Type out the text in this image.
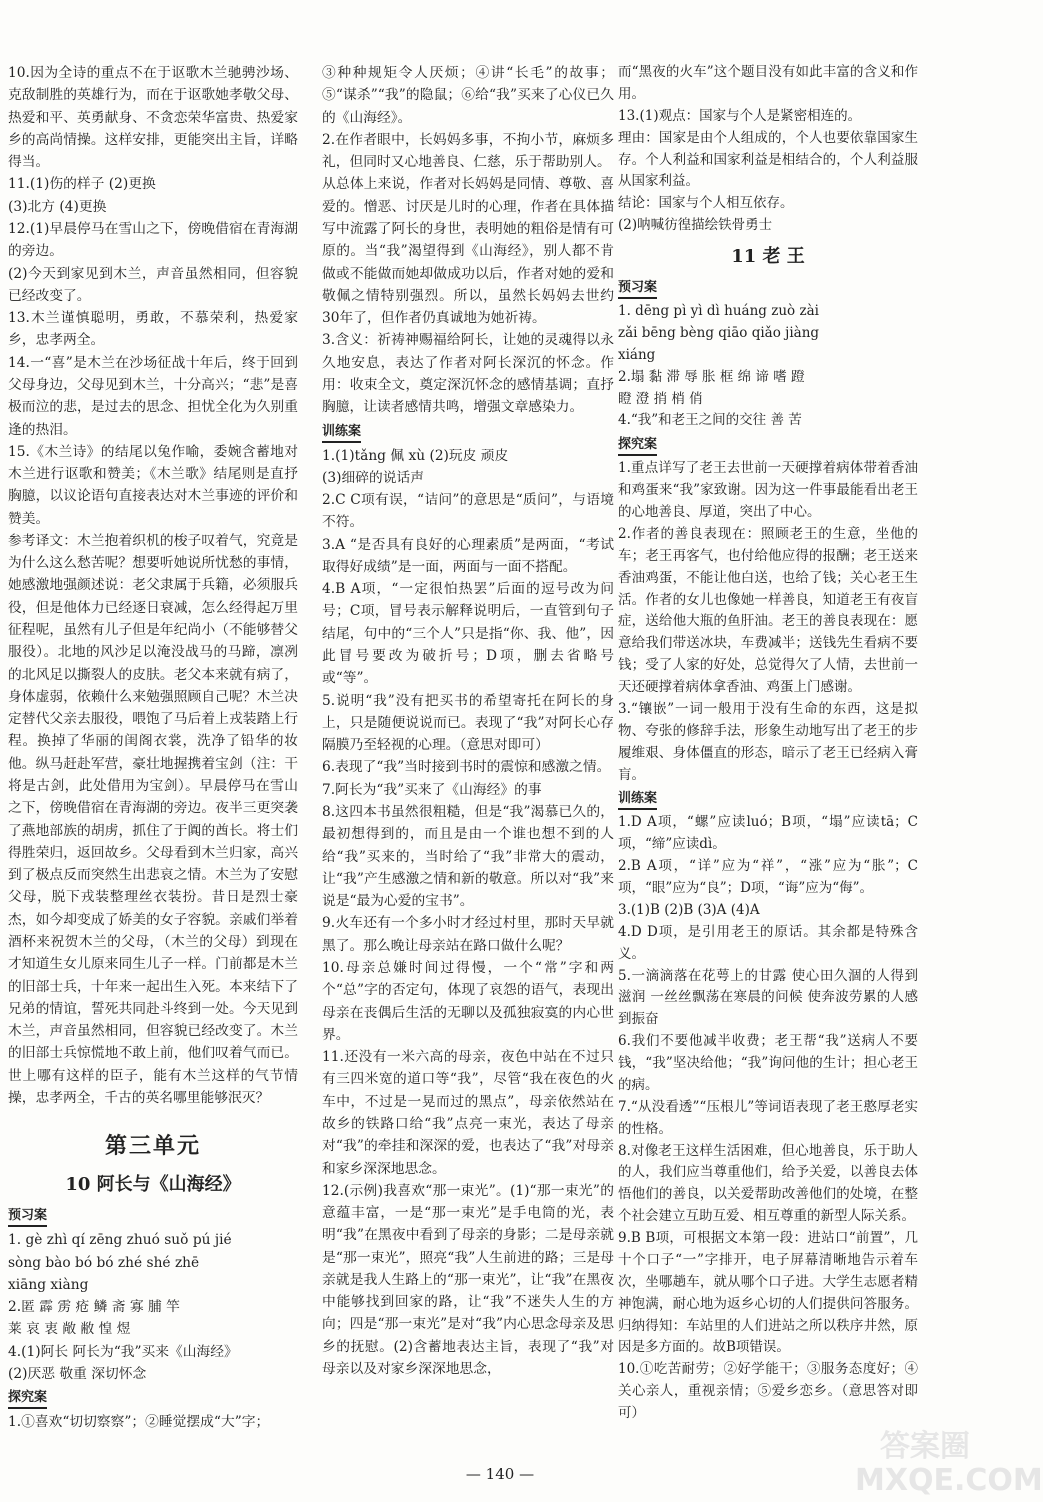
10.因为全诗的重点不在于讴歌木兰驰骋沙场、克敌制胜的英雄行为，而在于讴歌她孝敬父母、热爱和平、英勇献身、不贪恋荣华富贵、热爱家乡的高尚情操。这样安排，更能突出主旨，详略得当。

11.(1)伤的样子 (2)更换
(3)北方 (4)更换

12.(1)早晨停马在雪山之下，傍晚借宿在青海湖的旁边。
(2)今天到家见到木兰，声音虽然相同，但容貌已经改变了。

13.木兰谨慎聪明，勇敢，不慕荣利，热爱家乡，忠孝两全。

14.一“喜”是木兰在沙场征战十年后，终于回到父母身边，父母见到木兰，十分高兴；“悲”是喜极而泣的悲，是过去的思念、担忧全化为久别重逢的热泪。

15.《木兰诗》的结尾以兔作喻，委婉含蓄地对木兰进行讴歌和赞美；《木兰歌》结尾则是直抒胸臆，以议论语句直接表达对木兰事迹的评价和赞美。

参考译文：木兰抱着织机的梭子叹着气，究竟是为什么这么愁苦呢？想要听她说所忧愁的事情，她感激地强颜述说：老父隶属于兵籍，必须服兵役，但是他体力已经逐日衰减，怎么经得起万里征程呢，虽然有儿子但是年纪尚小（不能够替父服役）。北地的风沙足以淹没战马的马蹄，凛冽的北风足以撕裂人的皮肤。老父本来就有病了，身体虚弱，依赖什么来勉强照顾自己呢？木兰决定替代父亲去服役，喂饱了马后着上戎装踏上行程。换掉了华丽的闺阁衣裳，洗净了铅华的妆他。纵马赶赴军营，豪壮地握携着宝剑（注：干将是古剑，此处借用为宝剑）。早晨停马在雪山之下，傍晚借宿在青海湖的旁边。夜半三更突袭了燕地部族的胡虏，抓住了于阗的酋长。将士们得胜荣归，返回故乡。父母看到木兰归家，高兴到了极点反而突然生出悲哀之情。木兰为了安慰父母，脱下戎装整理丝衣装扮。昔日是烈士豪杰，如今却变成了娇美的女子容貌。亲戚们举着酒杯来祝贺木兰的父母，（木兰的父母）到现在才知道生女儿原来同生儿子一样。门前都是木兰的旧部士兵，十年来一起出生入死。本来结下了兄弟的情谊，誓死共同赴斗终到一处。今天见到木兰，声音虽然相同，但容貌已经改变了。木兰的旧部士兵惊慌地不敢上前，他们叹着气而已。世上哪有这样的臣子，能有木兰这样的气节情操，忠孝两全，千古的英名哪里能够泯灭？

第三单元
10 阿长与《山海经》
预习案

1. gè zhì qí zēng zhuó suǒ pú jié
sòng bào bó bó zhé shé zhē
xiāng xiàng

2.匿 霹 雳 疮 鳞 斋 寡 脯 竿
莱 哀 衷 敞 敝 惶 煜

4.(1)阿长 阿长为“我”买来《山海经》
(2)厌恶 敬重 深切怀念

探究案

1.①喜欢“切切察察”；②睡觉摆成“大”字；

③种种规矩令人厌烦；④讲“长毛”的故事；⑤“谋杀”“我”的隐鼠；⑥给“我”买来了心仪已久的《山海经》。

2.在作者眼中，长妈妈多事，不拘小节，麻烦多礼，但同时又心地善良、仁慈，乐于帮助别人。

从总体上来说，作者对长妈妈是同情、尊敬、喜爱的。憎恶、讨厌是儿时的心理，作者在具体描写中流露了阿长的身世，表明她的粗俗是情有可原的。当“我”渴望得到《山海经》，别人都不肯做或不能做而她却做成功以后，作者对她的爱和敬佩之情特别强烈。所以，虽然长妈妈去世约30年了，但作者仍真诚地为她祈祷。

3.含义：祈祷神赐福给阿长，让她的灵魂得以永久地安息，表达了作者对阿长深沉的怀念。作用：收束全文，奠定深沉怀念的感情基调；直抒胸臆，让读者感情共鸣，增强文章感染力。

训练案

1.(1)tǎng 佩 xù (2)玩皮 顽皮
(3)细碎的说话声

2.C C项有误，“诘问”的意思是“质问”，与语境不符。

3.A “是否具有良好的心理素质”是两面，“考试取得好成绩”是一面，两面与一面不搭配。

4.B A项，“一定很怕热罢”后面的逗号改为问号；C项，冒号表示解释说明后，一直管到句子结尾，句中的“三个人”只是指“你、我、他”，因此冒号要改为破折号；D项，删去省略号或“等”。

5.说明“我”没有把买书的希望寄托在阿长的身上，只是随便说说而已。表现了“我”对阿长心存隔膜乃至轻视的心理。（意思对即可）

6.表现了“我”当时接到书时的震惊和感激之情。

7.阿长为“我”买来了《山海经》的事

8.这四本书虽然很粗糙，但是“我”渴慕已久的，最初想得到的，而且是由一个谁也想不到的人给“我”买来的，当时给了“我”非常大的震动，让“我”产生感激之情和新的敬意。所以对“我”来说是“最为心爱的宝书”。

9.火车还有一个多小时才经过村里，那时天早就黑了。那么晚让母亲站在路口做什么呢？

10.母亲总嫌时间过得慢，一个“常”字和两个“总”字的否定句，体现了哀怨的语气，表现出母亲在丧偶后生活的无聊以及孤独寂寞的内心世界。

11.还没有一米六高的母亲，夜色中站在不过只有三四米宽的道口等“我”，尽管“我在夜色的火车中，不过是一晃而过的黑点”，母亲依然站在故乡的铁路口给“我”点亮一束光，表达了母亲对“我”的牵挂和深深的爱，也表达了“我”对母亲和家乡深深地思念。

12.(示例)我喜欢“那一束光”。(1)“那一束光”的意蕴丰富，一是“那一束光”是手电筒的光，表明“我”在黑夜中看到了母亲的身影；二是母亲就是“那一束光”，照亮“我”人生前进的路；三是母亲就是我人生路上的“那一束光”，让“我”在黑夜中能够找到回家的路，让“我”不迷失人生的方向；四是“那一束光”是对“我”内心思念母亲及思乡的抚慰。(2)含蓄地表达主旨，表现了“我”对母亲以及对家乡深深地思念，

而“黑夜的火车”这个题目没有如此丰富的含义和作用。

13.(1)观点：国家与个人是紧密相连的。
理由：国家是由个人组成的，个人也要依靠国家生存。个人利益和国家利益是相结合的，个人利益服从国家利益。
结论：国家与个人相互依存。
(2)呐喊彷徨描绘铁骨勇士

11 老 王
预习案

1. dēng pì yì dì huáng zuò zài
zǎi bēng bèng qiāo qiǎo jiàng
xiáng

2.塌 黏 滞 辱 胀 框 绵 谛 嗜 蹬
瞪 澄 捎 梢 俏

4.“我”和老王之间的交往 善 苦

探究案

1.重点详写了老王去世前一天硬撑着病体带着香油和鸡蛋来“我”家致谢。因为这一件事最能看出老王的心地善良、厚道，突出了中心。

2.作者的善良表现在：照顾老王的生意，坐他的车；老王再客气，也付给他应得的报酬；老王送来香油鸡蛋，不能让他白送，也给了钱；关心老王生活。作者的女儿也像她一样善良，知道老王有夜盲症，送给他大瓶的鱼肝油。老王的善良表现在：愿意给我们带送冰块，车费减半；送钱先生看病不要钱；受了人家的好处，总觉得欠了人情，去世前一天还硬撑着病体拿香油、鸡蛋上门感谢。

3.“镶嵌”一词一般用于没有生命的东西，这是拟物、夸张的修辞手法，形象生动地写出了老王的步履维艰、身体僵直的形态，暗示了老王已经病入膏肓。

训练案

1.D A项，“螺”应读luó；B项，“塌”应读tā；C项，“缔”应读dì。

2.B A项，“详”应为“祥”，“涨”应为“胀”；C项，“眼”应为“良”；D项，“诲”应为“侮”。

3.(1)B (2)B (3)A (4)A

4.D D项，是引用老王的原话。其余都是特殊含义。

5.一滴滴落在花萼上的甘露 使心田久涸的人得到滋润 一丝丝飘荡在寒晨的问候 使奔波劳累的人感到振奋

6.我们不要他减半收费；老王帮“我”送病人不要钱，“我”坚决给他；“我”询问他的生计；担心老王的病。

7.“从没看透”“压根儿”等词语表现了老王憨厚老实的性格。

8.对像老王这样生活困难，但心地善良，乐于助人的人，我们应当尊重他们，给予关爱，以善良去体悟他们的善良，以关爱帮助改善他们的处境，在整个社会建立互助互爱、相互尊重的新型人际关系。

9.B B项，可根据文本第一段：进站口“前置”，几十个口子“一”字排开，电子屏幕清晰地告示着车次，坐哪趟车，就从哪个口子进。大学生志愿者精神饱满，耐心地为返乡心切的人们提供问答服务。归纳得知：车站里的人们进站之所以秩序井然，原因是多方面的。故B项错误。

10.①吃苦耐劳；②好学能干；③服务态度好；④关心亲人，重视亲情；⑤爱乡恋乡。（意思答对即可）

— 140 —
答案圈 MXQE.COM
